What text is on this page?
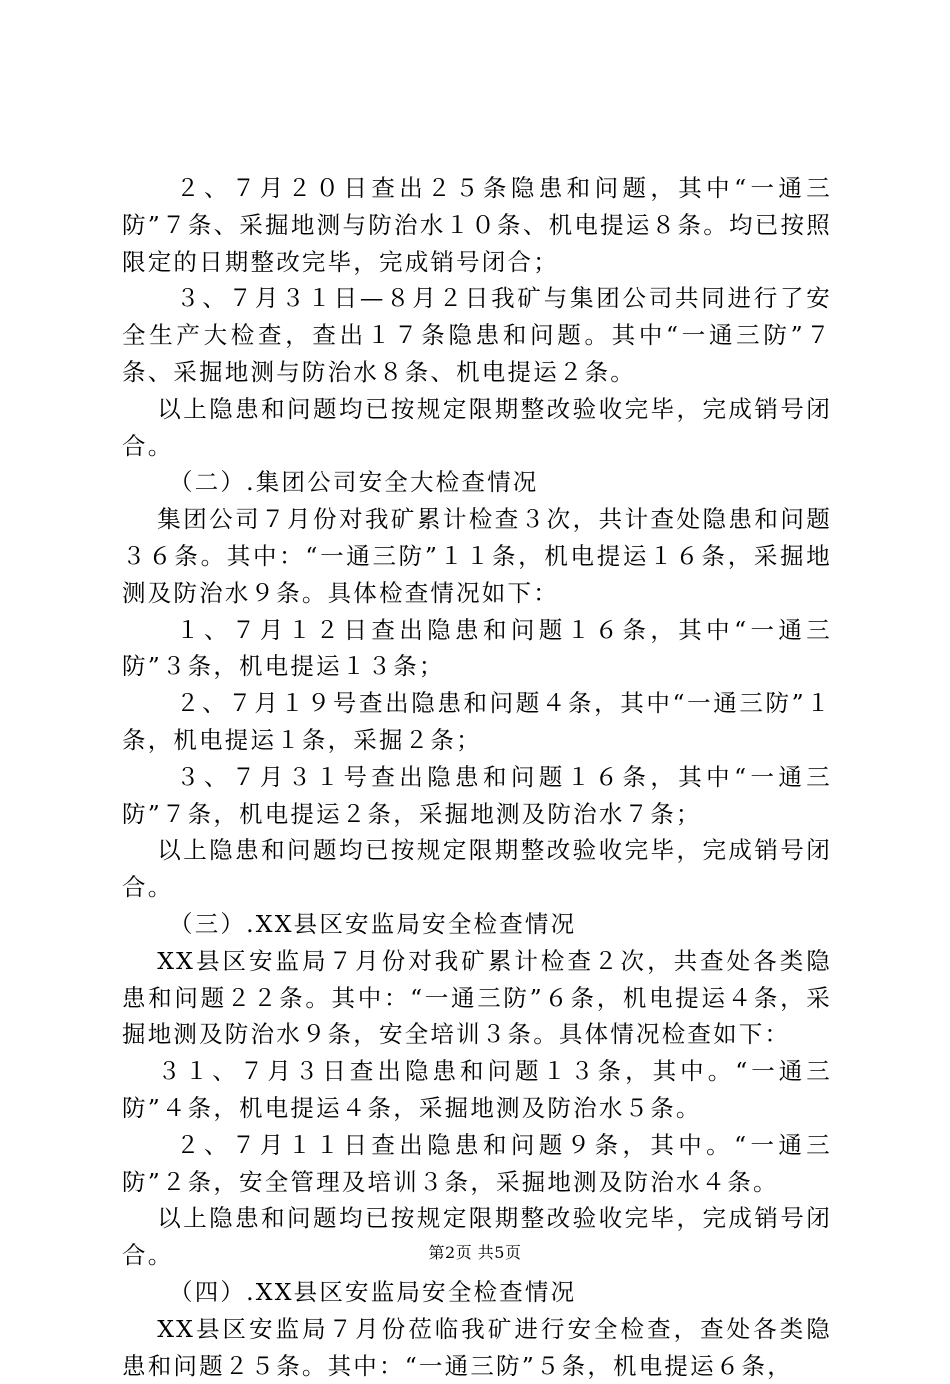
２、７月２０日查出２５条隐患和问题，其中“一通三防”７条、采掘地测与防治水１０条、机电提运８条。均已按照限定的日期整改完毕，完成销号闭合；

３、７月３１日—８月２日我矿与集团公司共同进行了安全生产大检查，查出１７条隐患和问题。其中“一通三防”７条、采掘地测与防治水８条、机电提运２条。

以上隐患和问题均已按规定限期整改验收完毕，完成销号闭合。

（二）.集团公司安全大检查情况

集团公司７月份对我矿累计检查３次，共计查处隐患和问题３６条。其中：“一通三防”１１条，机电提运１６条，采掘地测及防治水９条。具体检查情况如下：

１、７月１２日查出隐患和问题１６条，其中“一通三防”３条，机电提运１３条；

２、７月１９号查出隐患和问题４条，其中“一通三防”１条，机电提运１条，采掘２条；

３、７月３１号查出隐患和问题１６条，其中“一通三防”７条，机电提运２条，采掘地测及防治水７条；

以上隐患和问题均已按规定限期整改验收完毕，完成销号闭合。

（三）.XX县区安监局安全检查情况

XX县区安监局７月份对我矿累计检查２次，共查处各类隐患和问题２２条。其中：“一通三防”６条，机电提运４条，采掘地测及防治水９条，安全培训３条。具体情况检查如下：

３１、７月３日查出隐患和问题１３条，其中。“一通三防”４条，机电提运４条，采掘地测及防治水５条。

２、７月１１日查出隐患和问题９条，其中。“一通三防”２条，安全管理及培训３条，采掘地测及防治水４条。

以上隐患和问题均已按规定限期整改验收完毕，完成销号闭合。

（四）.XX县区安监局安全检查情况

XX县区安监局７月份莅临我矿进行安全检查，查处各类隐患和问题２５条。其中：“一通三防”５条，机电提运６条，

第2页 共5页
